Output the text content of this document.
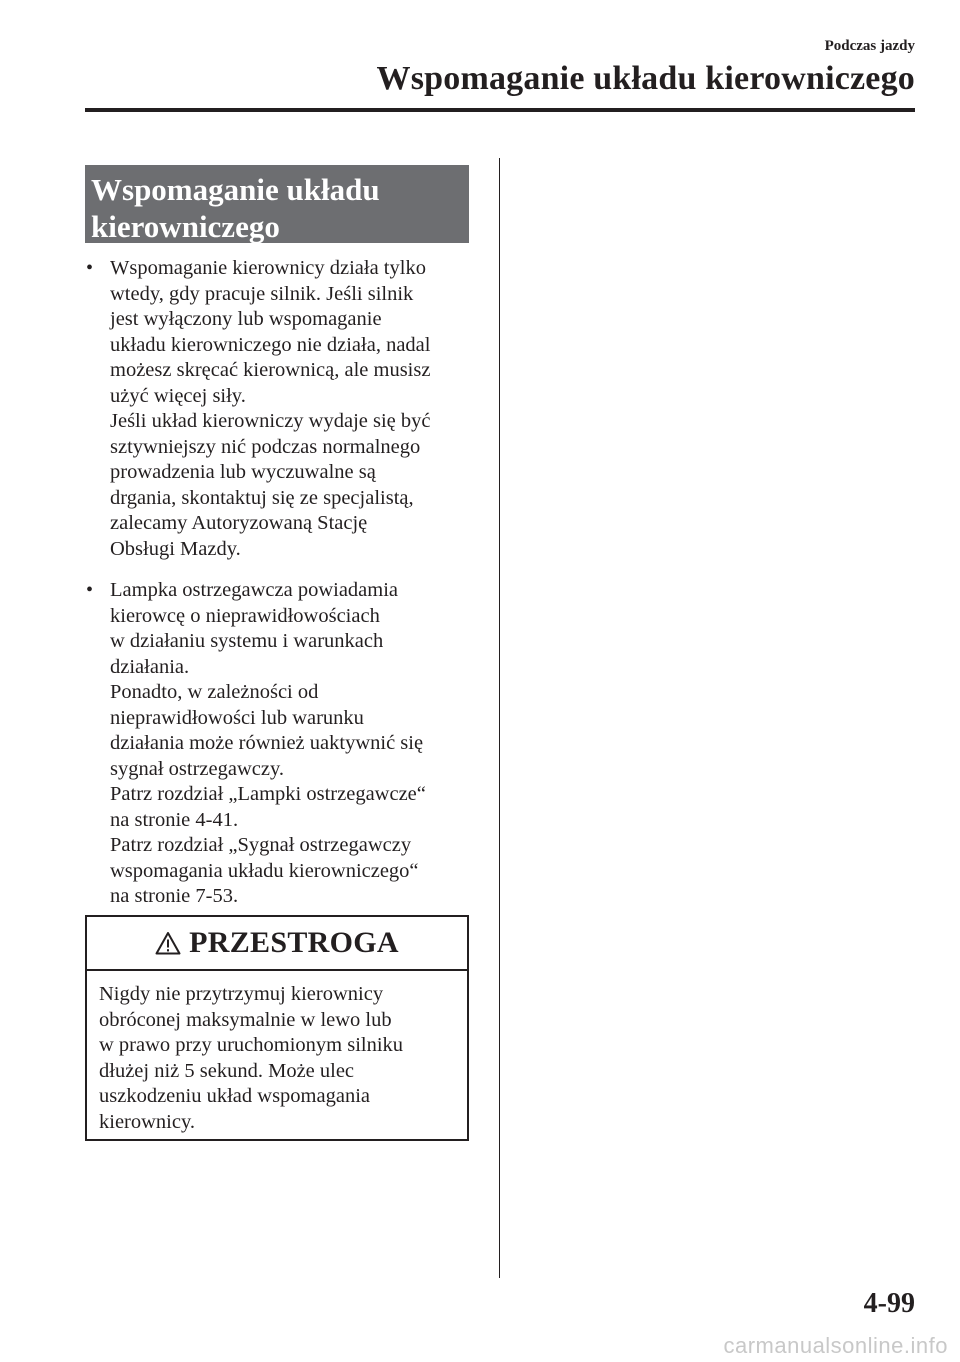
Podczas jazdy
Wspomaganie układu kierowniczego
Wspomaganie układu
kierowniczego
• Wspomaganie kierownicy działa tylko
wtedy, gdy pracuje silnik. Jeśli silnik
jest wyłączony lub wspomaganie
układu kierowniczego nie działa, nadal
możesz skręcać kierownicą, ale musisz
użyć więcej siły.
Jeśli układ kierowniczy wydaje się być
sztywniejszy nić podczas normalnego
prowadzenia lub wyczuwalne są
drgania, skontaktuj się ze specjalistą,
zalecamy Autoryzowaną Stację
Obsługi Mazdy.

• Lampka ostrzegawcza powiadamia
kierowcę o nieprawidłowościach
w działaniu systemu i warunkach
działania.
Ponadto, w zależności od
nieprawidłowości lub warunku
działania może również uaktywnić się
sygnał ostrzegawczy.
Patrz rozdział „Lampki ostrzegawcze“
na stronie 4-41.
Patrz rozdział „Sygnał ostrzegawczy
wspomagania układu kierowniczego“
na stronie 7-53.

PRZESTROGA

Nigdy nie przytrzymuj kierownicy
obróconej maksymalnie w lewo lub
w prawo przy uruchomionym silniku
dłużej niż 5 sekund. Może ulec
uszkodzeniu układ wspomagania
kierownicy.

4-99
carmanualsonline.info
